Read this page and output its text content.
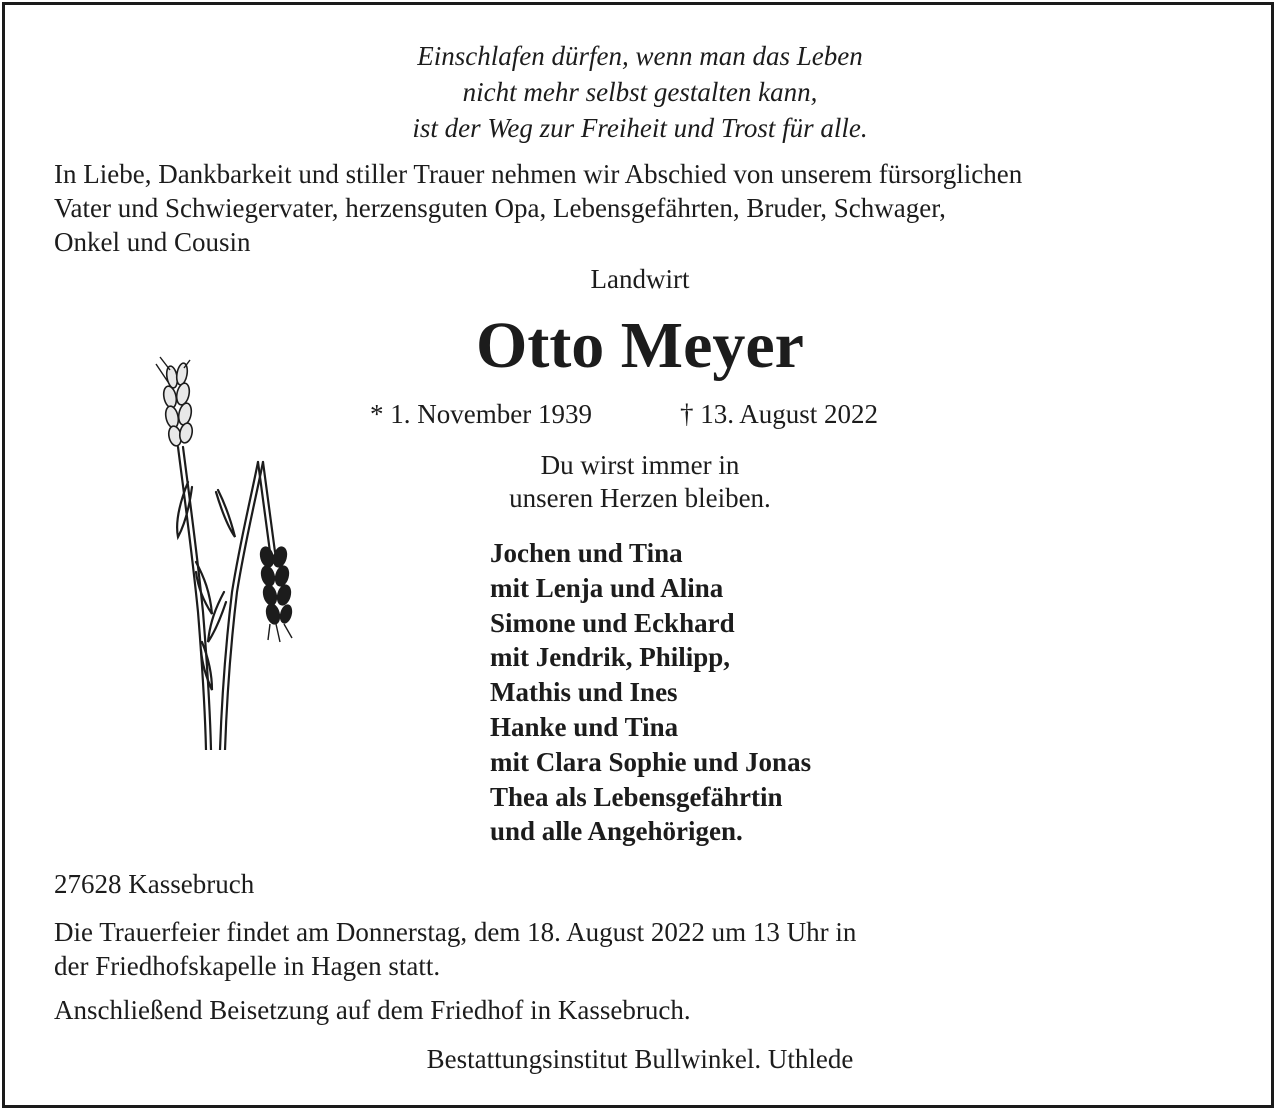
Einschlafen dürfen, wenn man das Leben
nicht mehr selbst gestalten kann,
ist der Weg zur Freiheit und Trost für alle.
In Liebe, Dankbarkeit und stiller Trauer nehmen wir Abschied von unserem fürsorglichen
Vater und Schwiegervater, herzensguten Opa, Lebensgefährten, Bruder, Schwager,
Onkel und Cousin
Landwirt
Otto Meyer
* 1. November 1939	† 13. August 2022
Du wirst immer in
unseren Herzen bleiben.
Jochen und Tina
mit Lenja und Alina
Simone und Eckhard
mit Jendrik, Philipp,
Mathis und Ines
Hanke und Tina
mit Clara Sophie und Jonas
Thea als Lebensgefährtin
und alle Angehörigen.
27628 Kassebruch
Die Trauerfeier findet am Donnerstag, dem 18. August 2022 um 13 Uhr in
der Friedhofskapelle in Hagen statt.
Anschließend Beisetzung auf dem Friedhof in Kassebruch.
Bestattungsinstitut Bullwinkel. Uthlede
